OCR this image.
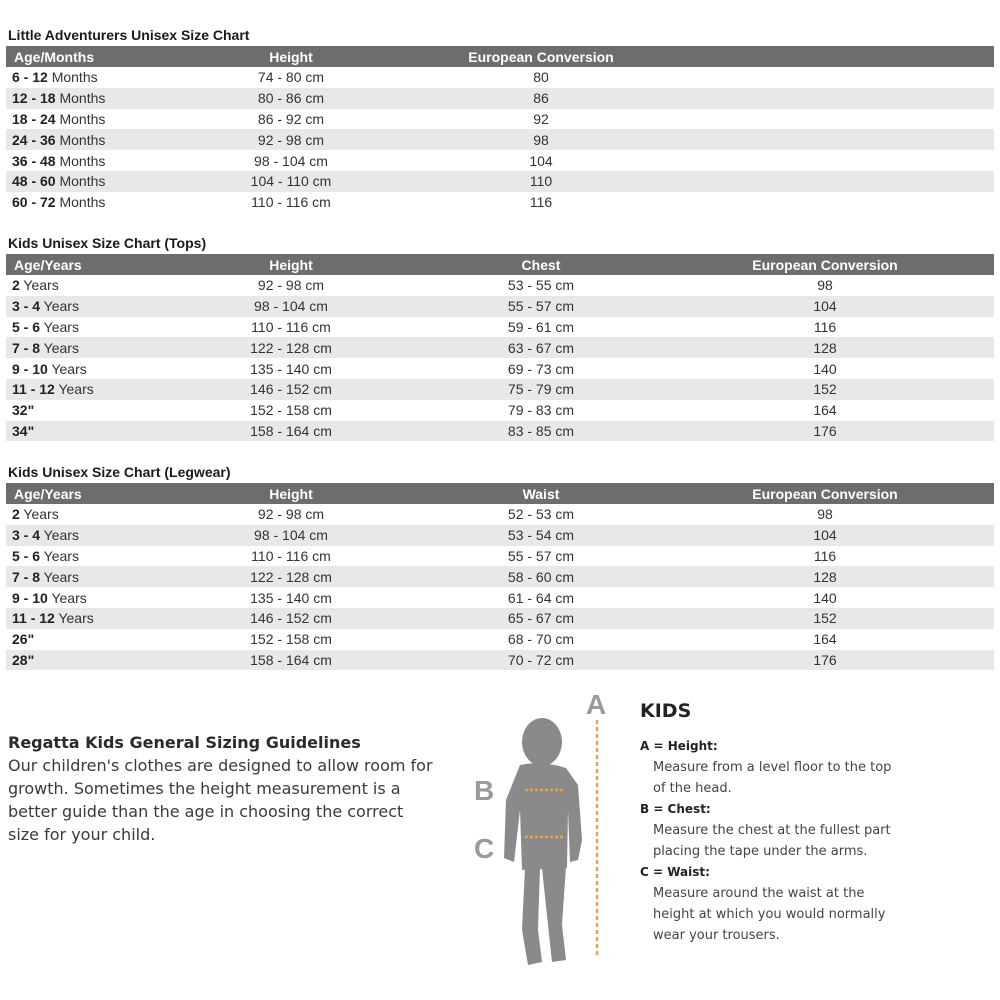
Little Adventurers Unisex Size Chart
Age/Months	Height	European Conversion	
6 - 12 Months	74 - 80 cm	80	
12 - 18 Months	80 - 86 cm	86	
18 - 24 Months	86 - 92 cm	92	
24 - 36 Months	92 - 98 cm	98	
36 - 48 Months	98 - 104 cm	104	
48 - 60 Months	104 - 110 cm	110	
60 - 72 Months	110 - 116 cm	116	
Kids Unisex Size Chart (Tops)
Age/Years	Height	Chest	European Conversion
2 Years	92 - 98 cm	53 - 55 cm	98
3 - 4 Years	98 - 104 cm	55 - 57 cm	104
5 - 6 Years	110 - 116 cm	59 - 61 cm	116
7 - 8 Years	122 - 128 cm	63 - 67 cm	128
9 - 10 Years	135 - 140 cm	69 - 73 cm	140
11 - 12 Years	146 - 152 cm	75 - 79 cm	152
32"	152 - 158 cm	79 - 83 cm	164
34"	158 - 164 cm	83 - 85 cm	176
Kids Unisex Size Chart (Legwear)
Age/Years	Height	Waist	European Conversion
2 Years	92 - 98 cm	52 - 53 cm	98
3 - 4 Years	98 - 104 cm	53 - 54 cm	104
5 - 6 Years	110 - 116 cm	55 - 57 cm	116
7 - 8 Years	122 - 128 cm	58 - 60 cm	128
9 - 10 Years	135 - 140 cm	61 - 64 cm	140
11 - 12 Years	146 - 152 cm	65 - 67 cm	152
26"	152 - 158 cm	68 - 70 cm	164
28"	158 - 164 cm	70 - 72 cm	176
Regatta Kids General Sizing Guidelines

Our children's clothes are designed to allow room for growth. Sometimes the height measurement is a better guide than the age in choosing the correct size for your child.

A
B
C
KIDS

A = Height:

Measure from a level floor to the top of the head.

B = Chest:

Measure the chest at the fullest part placing the tape under the arms.

C = Waist:

Measure around the waist at the height at which you would normally wear your trousers.
